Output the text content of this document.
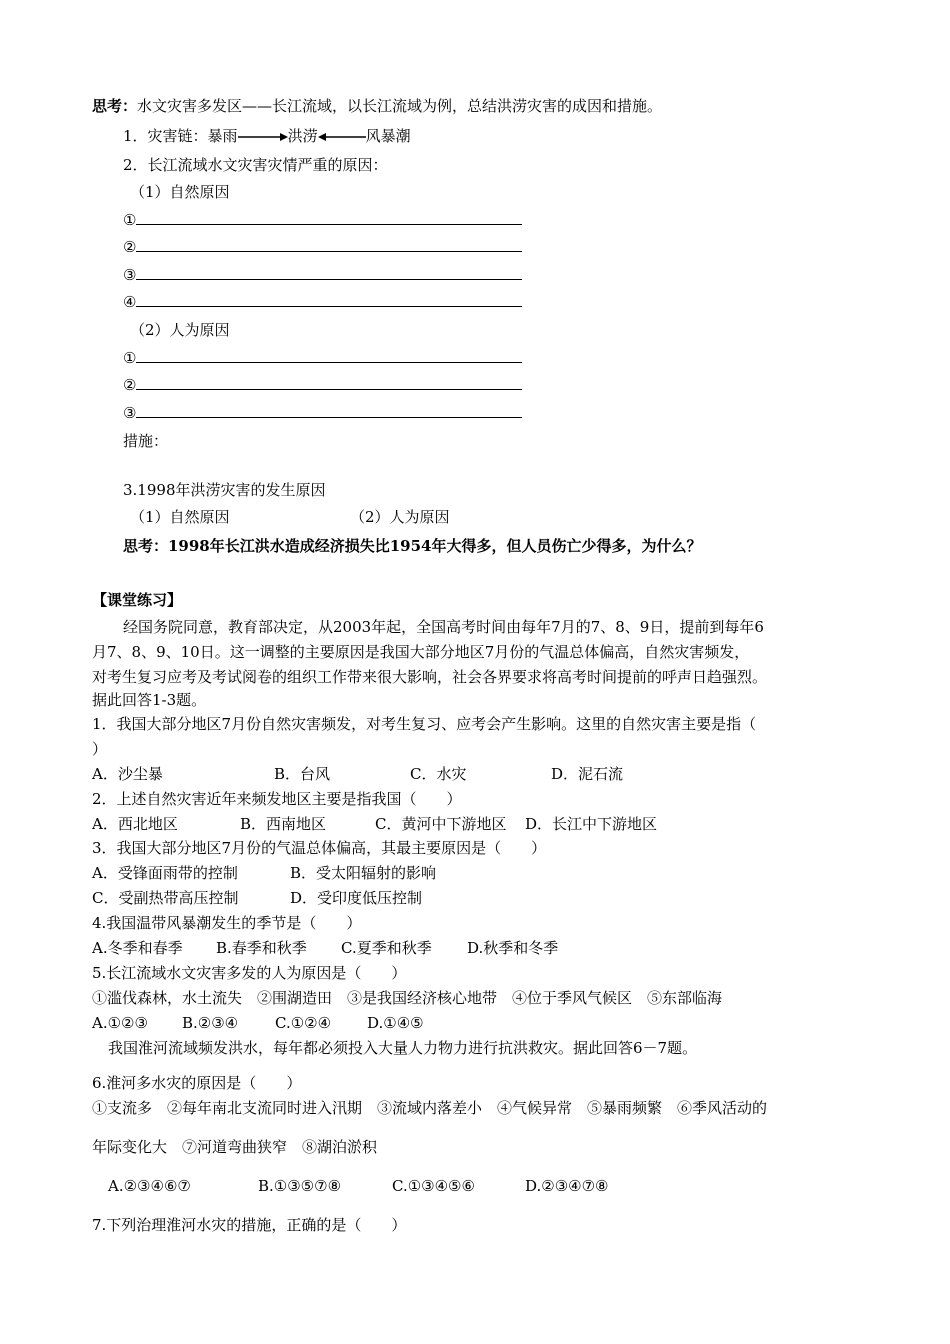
思考：水文灾害多发区——长江流域，以长江流域为例，总结洪涝灾害的成因和措施。
1．灾害链：暴雨	洪涝	风暴潮
2．长江流域水文灾害灾情严重的原因：
（1）自然原因
①
②
③
④
（2）人为原因
①
②
③
措施：
3.1998年洪涝灾害的发生原因
（1）自然原因	（2）人为原因
思考：1998年长江洪水造成经济损失比1954年大得多，但人员伤亡少得多，为什么？
【课堂练习】
经国务院同意，教育部决定，从2003年起，全国高考时间由每年7月的7、8、9日，提前到每年6
月7、8、9、10日。这一调整的主要原因是我国大部分地区7月份的气温总体偏高，自然灾害频发，
对考生复习应考及考试阅卷的组织工作带来很大影响，社会各界要求将高考时间提前的呼声日趋强烈。
据此回答1-3题。
1．我国大部分地区7月份自然灾害频发，对考生复习、应考会产生影响。这里的自然灾害主要是指（
）
A．沙尘暴	B．台风	C．水灾	D．泥石流
2．上述自然灾害近年来频发地区主要是指我国（　　）
A．西北地区	B．西南地区	C．黄河中下游地区 D．长江中下游地区
3．我国大部分地区7月份的气温总体偏高，其最主要原因是（　　）
A．受锋面雨带的控制	B．受太阳辐射的影响
C．受副热带高压控制	D．受印度低压控制
4.我国温带风暴潮发生的季节是（　　）
A.冬季和春季 B.春季和秋季 C.夏季和秋季 D.秋季和冬季
5.长江流域水文灾害多发的人为原因是（　　）
①滥伐森林，水土流失　②围湖造田　③是我国经济核心地带　④位于季风气候区　⑤东部临海
A.①②③ B.②③④ C.①②④ D.①④⑤
我国淮河流域频发洪水，每年都必须投入大量人力物力进行抗洪救灾。据此回答6－7题。
6.淮河多水灾的原因是（　　）
①支流多　②每年南北支流同时进入汛期　③流域内落差小　④气候异常　⑤暴雨频繁　⑥季风活动的
年际变化大　⑦河道弯曲狭窄　⑧湖泊淤积
A.②③④⑥⑦	B.①③⑤⑦⑧	C.①③④⑤⑥	D.②③④⑦⑧
7.下列治理淮河水灾的措施，正确的是（　　）
